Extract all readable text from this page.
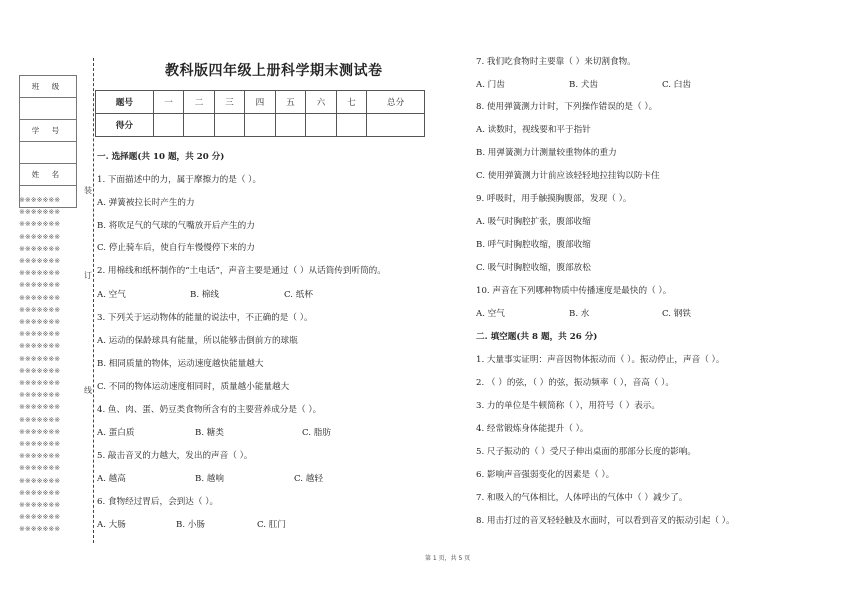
班 级

学 号

姓 名

※※※※※※※
※※※※※※※
※※※※※※※
※※※※※※※
※※※※※※※
※※※※※※※
※※※※※※※
※※※※※※※
※※※※※※※
※※※※※※※
※※※※※※※
※※※※※※※
※※※※※※※
※※※※※※※
※※※※※※※
※※※※※※※
※※※※※※※
※※※※※※※
※※※※※※※
※※※※※※※
※※※※※※※
※※※※※※※
※※※※※※※
※※※※※※※
※※※※※※※
※※※※※※※
※※※※※※※
※※※※※※※
装
订
线
教科版四年级上册科学期末测试卷
题号	一	二	三	四	五	六	七	总分
得分								
一. 选择题(共 10 题，共 20 分)
1. 下面描述中的力，属于摩擦力的是（ ）。
A. 弹簧被拉长时产生的力
B. 将吹足气的气球的气嘴放开后产生的力
C. 停止骑车后，使自行车慢慢停下来的力
2. 用棉线和纸杯制作的“土电话”，声音主要是通过（ ）从话筒传到听筒的。
A. 空气	B. 棉线	C. 纸杯
3. 下列关于运动物体的能量的说法中，不正确的是（ ）。
A. 运动的保龄球具有能量，所以能够击倒前方的球瓶
B. 相同质量的物体，运动速度越快能量越大
C. 不同的物体运动速度相同时，质量越小能量越大
4. 鱼、肉、蛋、奶豆类食物所含有的主要营养成分是（ ）。
A. 蛋白质	B. 糖类	C. 脂肪
5. 敲击音叉的力越大，发出的声音（ ）。
A. 越高	B. 越响	C. 越轻
6. 食物经过胃后，会到达（ ）。
A. 大肠	B. 小肠	C. 肛门
7. 我们吃食物时主要靠（ ）来切割食物。
A. 门齿	B. 犬齿	C. 臼齿
8. 使用弹簧测力计时，下列操作错误的是（ ）。
A. 读数时，视线要和平于指针
B. 用弹簧测力计测量较重物体的重力
C. 使用弹簧测力计前应该轻轻地拉挂钩以防卡住
9. 呼吸时，用手触摸胸腹部，发现（ ）。
A. 吸气时胸腔扩张，腹部收缩
B. 呼气时胸腔收缩，腹部收缩
C. 吸气时胸腔收缩，腹部放松
10. 声音在下列哪种物质中传播速度是最快的（ ）。
A. 空气	B. 水	C. 钢铁
二. 填空题(共 8 题，共 26 分)
1. 大量事实证明：声音因物体振动而（ ）。振动停止，声音（ ）。
2. （ ）的弦，（ ）的弦，振动频率（ ），音高（ ）。
3. 力的单位是牛顿简称（ ），用符号（ ）表示。
4. 经常锻炼身体能提升（ ）。
5. 尺子振动的（ ）受尺子伸出桌面的那部分长度的影响。
6. 影响声音强弱变化的因素是（ ）。
7. 和吸入的气体相比，人体呼出的气体中（ ）减少了。
8. 用击打过的音叉轻轻触及水面时，可以看到音叉的振动引起（ ）。
第 1 页，共 5 页
